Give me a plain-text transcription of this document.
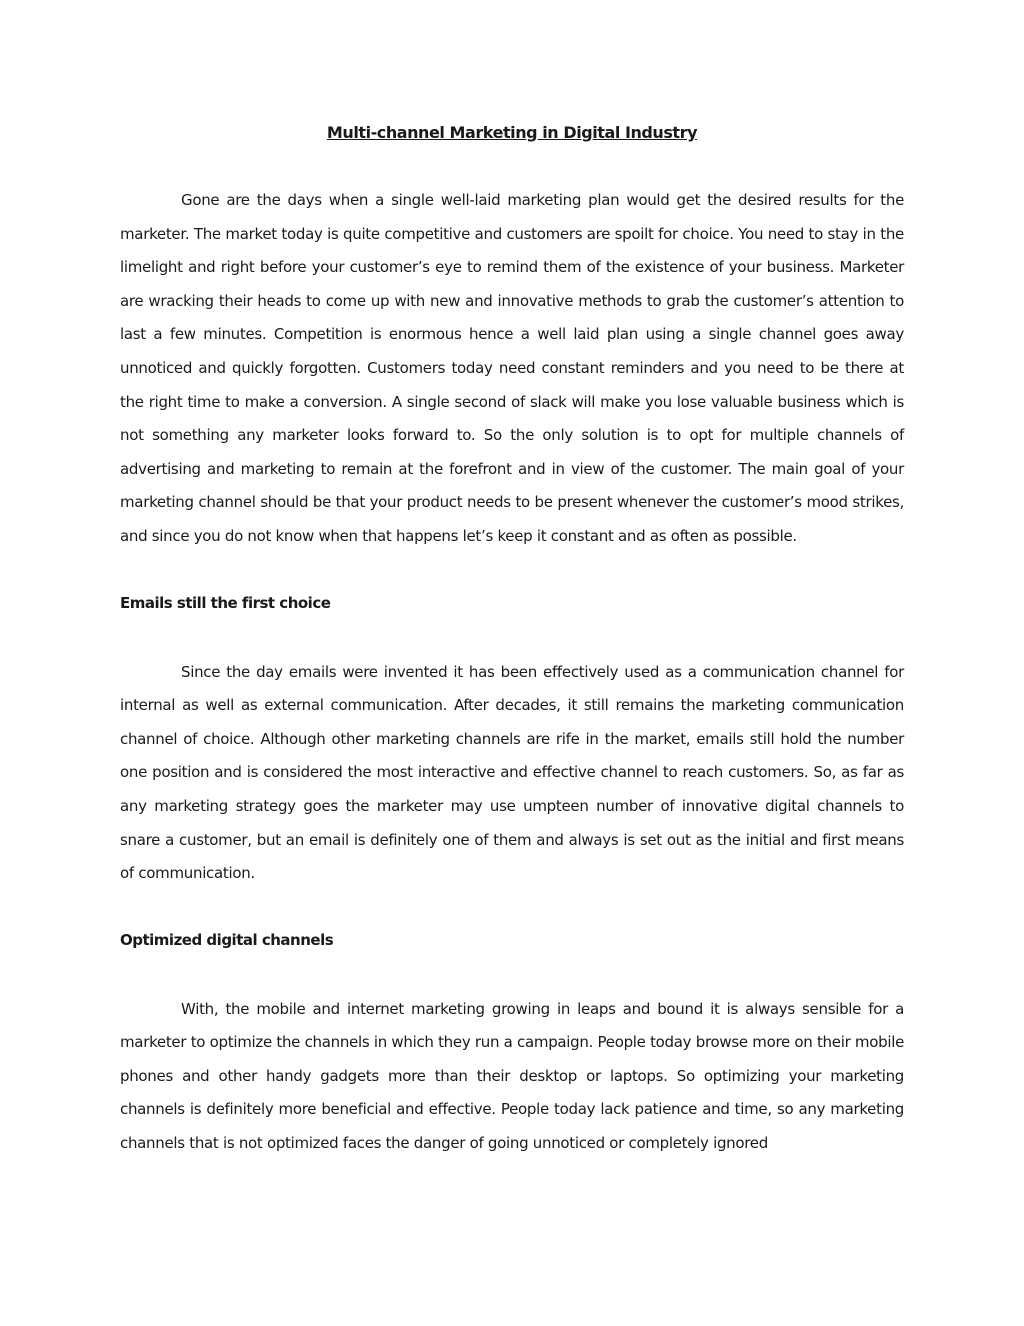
Multi-channel Marketing in Digital Industry

Gone are the days when a single well-laid marketing plan would get the desired results for the marketer. The market today is quite competitive and customers are spoilt for choice. You need to stay in the limelight and right before your customer’s eye to remind them of the existence of your business. Marketer are wracking their heads to come up with new and innovative methods to grab the customer’s attention to last a few minutes. Competition is enormous hence a well laid plan using a single channel goes away unnoticed and quickly forgotten. Customers today need constant reminders and you need to be there at the right time to make a conversion. A single second of slack will make you lose valuable business which is not something any marketer looks forward to. So the only solution is to opt for multiple channels of advertising and marketing to remain at the forefront and in view of the customer. The main goal of your marketing channel should be that your product needs to be present whenever the customer’s mood strikes, and since you do not know when that happens let’s keep it constant and as often as possible.

Emails still the first choice

Since the day emails were invented it has been effectively used as a communication channel for internal as well as external communication. After decades, it still remains the marketing communication channel of choice. Although other marketing channels are rife in the market, emails still hold the number one position and is considered the most interactive and effective channel to reach customers. So, as far as any marketing strategy goes the marketer may use umpteen number of innovative digital channels to snare a customer, but an email is definitely one of them and always is set out as the initial and first means of communication.

Optimized digital channels

With, the mobile and internet marketing growing in leaps and bound it is always sensible for a marketer to optimize the channels in which they run a campaign. People today browse more on their mobile phones and other handy gadgets more than their desktop or laptops. So optimizing your marketing channels is definitely more beneficial and effective. People today lack patience and time, so any marketing channels that is not optimized faces the danger of going unnoticed or completely ignored
